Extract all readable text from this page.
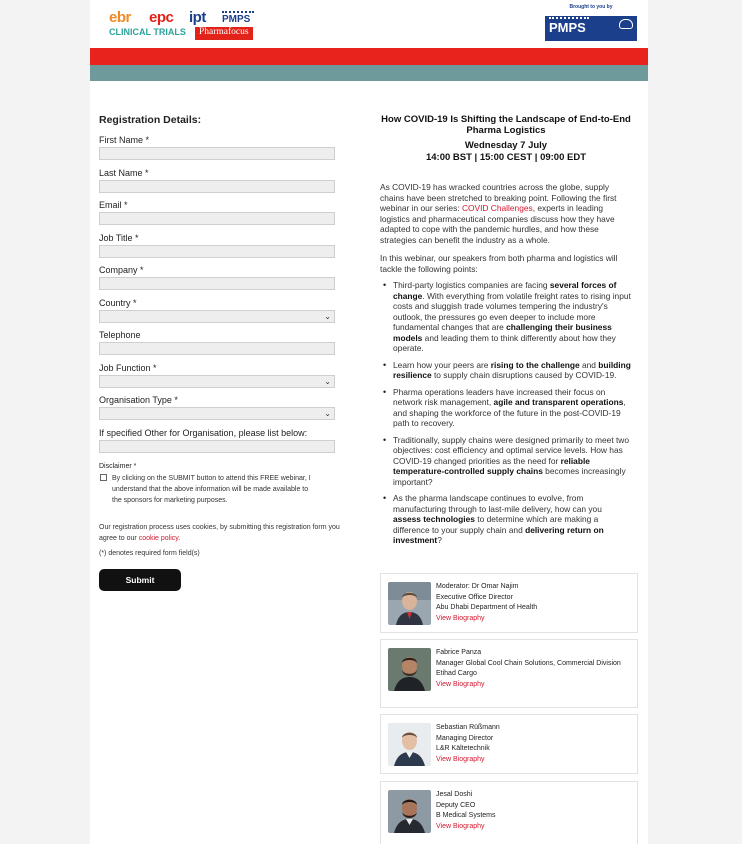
ebr epc ipt PMPS
CLINICAL TRIALS	Pharmafocus
Brought to you by
PMPS
Registration Details:
First Name *
Last Name *
Email *
Job Title *
Company *
Country *
⌄
Telephone
Job Function *
⌄
Organisation Type *
⌄
If specified Other for Organisation, please list below:
Disclaimer *
By clicking on the SUBMIT button to attend this FREE webinar, I
understand that the above information will be made available to
the sponsors for marketing purposes.
Our registration process uses cookies, by submitting this registration form you
agree to our cookie policy.
(*) denotes required form field(s)
Submit
How COVID-19 Is Shifting the Landscape of End-to-End Pharma Logistics
Wednesday 7 July
14:00 BST | 15:00 CEST | 09:00 EDT

As COVID-19 has wracked countries across the globe, supply chains have been stretched to breaking point. Following the first webinar in our series: COVID Challenges, experts in leading logistics and pharmaceutical companies discuss how they have adapted to cope with the pandemic hurdles, and how these strategies can benefit the industry as a whole.

In this webinar, our speakers from both pharma and logistics will tackle the following points:

• Third-party logistics companies are facing several forces of change. With everything from volatile freight rates to rising input costs and sluggish trade volumes tempering the industry's outlook, the pressures go even deeper to include more fundamental changes that are challenging their business models and leading them to think differently about how they operate.
• Learn how your peers are rising to the challenge and building resilience to supply chain disruptions caused by COVID-19.
• Pharma operations leaders have increased their focus on network risk management, agile and transparent operations, and shaping the workforce of the future in the post-COVID-19 path to recovery.
• Traditionally, supply chains were designed primarily to meet two objectives: cost efficiency and optimal service levels. How has COVID-19 changed priorities as the need for reliable temperature-controlled supply chains becomes increasingly important?
• As the pharma landscape continues to evolve, from manufacturing through to last-mile delivery, how can you assess technologies to determine which are making a difference to your supply chain and delivering return on investment?
Moderator: Dr Omar Najim
Executive Office Director
Abu Dhabi Department of Health
View Biography
Fabrice Panza
Manager Global Cool Chain Solutions, Commercial Division
Etihad Cargo
View Biography
Sebastian Rüßmann
Managing Director
L&R Kältetechnik
View Biography
Jesal Doshi
Deputy CEO
B Medical Systems
View Biography
